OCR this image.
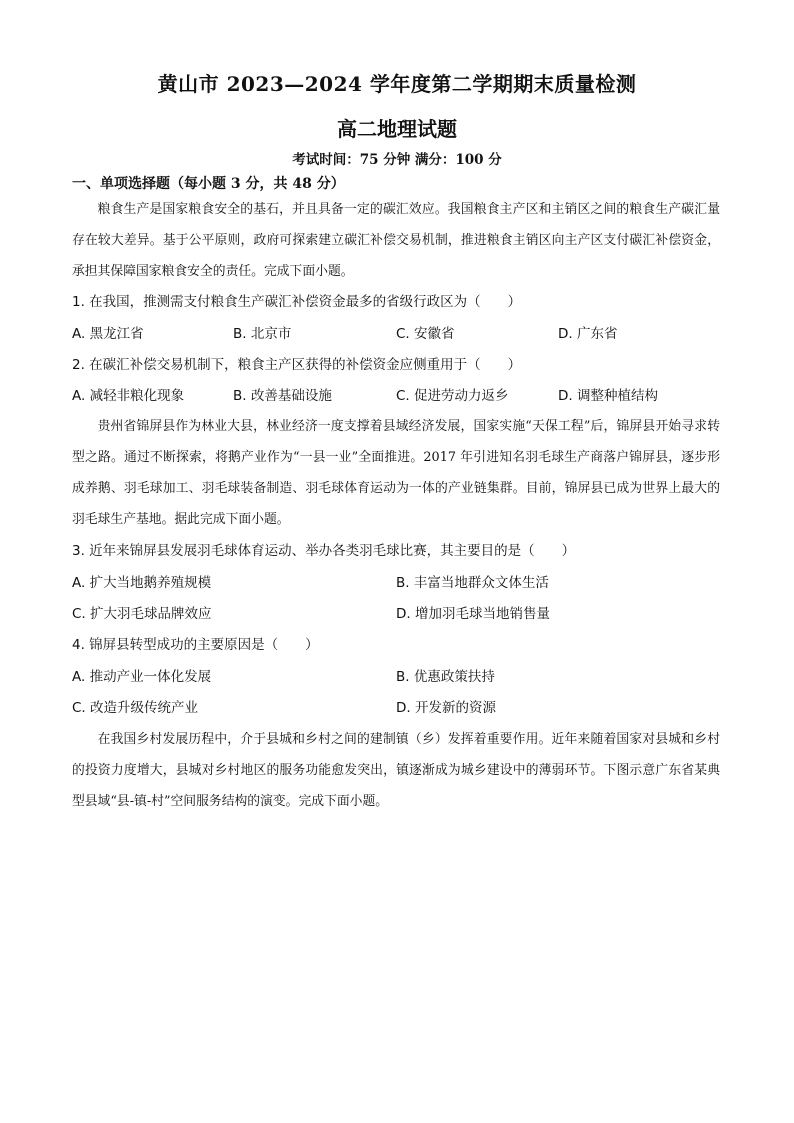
黄山市 2023—2024 学年度第二学期期末质量检测
高二地理试题
考试时间：75 分钟 满分：100 分
一、单项选择题（每小题 3 分，共 48 分）
粮食生产是国家粮食安全的基石，并且具备一定的碳汇效应。我国粮食主产区和主销区之间的粮食生产碳汇量存在较大差异。基于公平原则，政府可探索建立碳汇补偿交易机制，推进粮食主销区向主产区支付碳汇补偿资金，承担其保障国家粮食安全的责任。完成下面小题。
1. 在我国，推测需支付粮食生产碳汇补偿资金最多的省级行政区为（　　）
A. 黑龙江省	B. 北京市	C. 安徽省	D. 广东省
2. 在碳汇补偿交易机制下，粮食主产区获得的补偿资金应侧重用于（　　）
A. 减轻非粮化现象	B. 改善基础设施	C. 促进劳动力返乡	D. 调整种植结构
贵州省锦屏县作为林业大县，林业经济一度支撑着县域经济发展，国家实施“天保工程”后，锦屏县开始寻求转型之路。通过不断探索，将鹅产业作为“一县一业”全面推进。2017 年引进知名羽毛球生产商落户锦屏县，逐步形成养鹅、羽毛球加工、羽毛球装备制造、羽毛球体育运动为一体的产业链集群。目前，锦屏县已成为世界上最大的羽毛球生产基地。据此完成下面小题。
3. 近年来锦屏县发展羽毛球体育运动、举办各类羽毛球比赛，其主要目的是（　　）
A. 扩大当地鹅养殖规模	B. 丰富当地群众文体生活
C. 扩大羽毛球品牌效应	D. 增加羽毛球当地销售量
4. 锦屏县转型成功的主要原因是（　　）
A. 推动产业一体化发展	B. 优惠政策扶持
C. 改造升级传统产业	D. 开发新的资源
在我国乡村发展历程中，介于县城和乡村之间的建制镇（乡）发挥着重要作用。近年来随着国家对县城和乡村的投资力度增大，县城对乡村地区的服务功能愈发突出，镇逐渐成为城乡建设中的薄弱环节。下图示意广东省某典型县域“县-镇-村”空间服务结构的演变。完成下面小题。
